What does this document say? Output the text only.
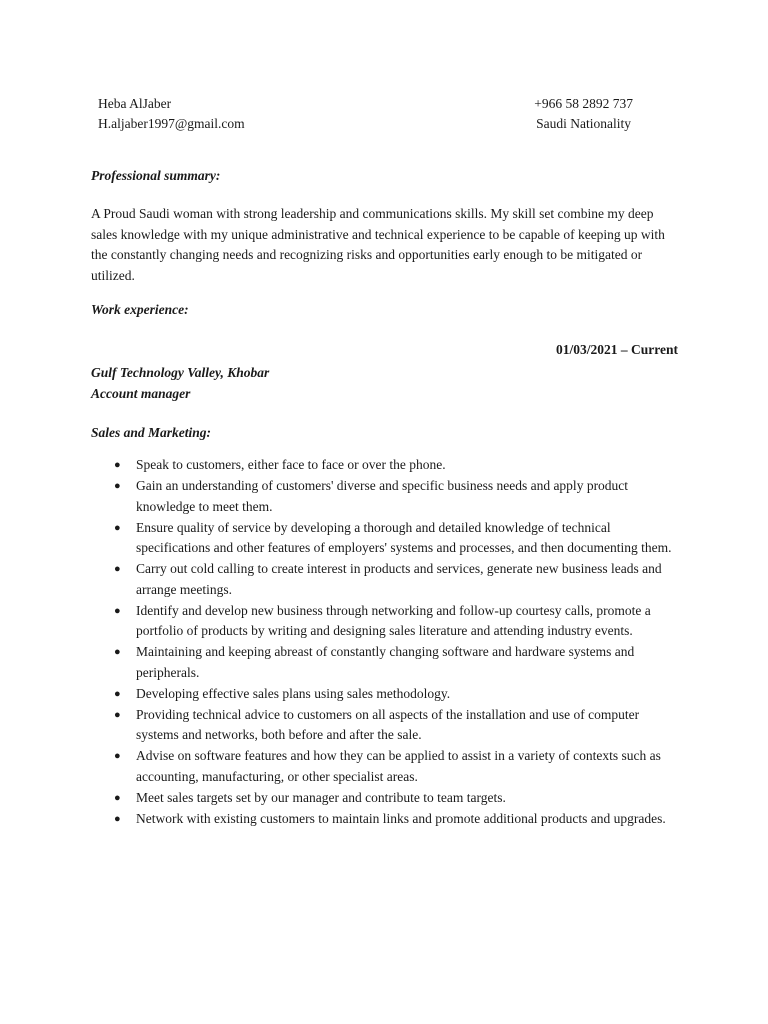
Heba AlJaber
H.aljaber1997@gmail.com
+966 58 2892 737
Saudi Nationality
Professional summary:
A Proud Saudi woman with strong leadership and communications skills. My skill set combine my deep sales knowledge with my unique administrative and technical experience to be capable of keeping up with the constantly changing needs and recognizing risks and opportunities early enough to be mitigated or utilized.
Work experience:
01/03/2021 – Current
Gulf Technology Valley, Khobar
Account manager
Sales and Marketing:
● Speak to customers, either face to face or over the phone.
● Gain an understanding of customers' diverse and specific business needs and apply product knowledge to meet them.
● Ensure quality of service by developing a thorough and detailed knowledge of technical specifications and other features of employers' systems and processes, and then documenting them.
● Carry out cold calling to create interest in products and services, generate new business leads and arrange meetings.
● Identify and develop new business through networking and follow-up courtesy calls, promote a portfolio of products by writing and designing sales literature and attending industry events.
● Maintaining and keeping abreast of constantly changing software and hardware systems and peripherals.
● Developing effective sales plans using sales methodology.
● Providing technical advice to customers on all aspects of the installation and use of computer systems and networks, both before and after the sale.
● Advise on software features and how they can be applied to assist in a variety of contexts such as accounting, manufacturing, or other specialist areas.
● Meet sales targets set by our manager and contribute to team targets.
● Network with existing customers to maintain links and promote additional products and upgrades.
